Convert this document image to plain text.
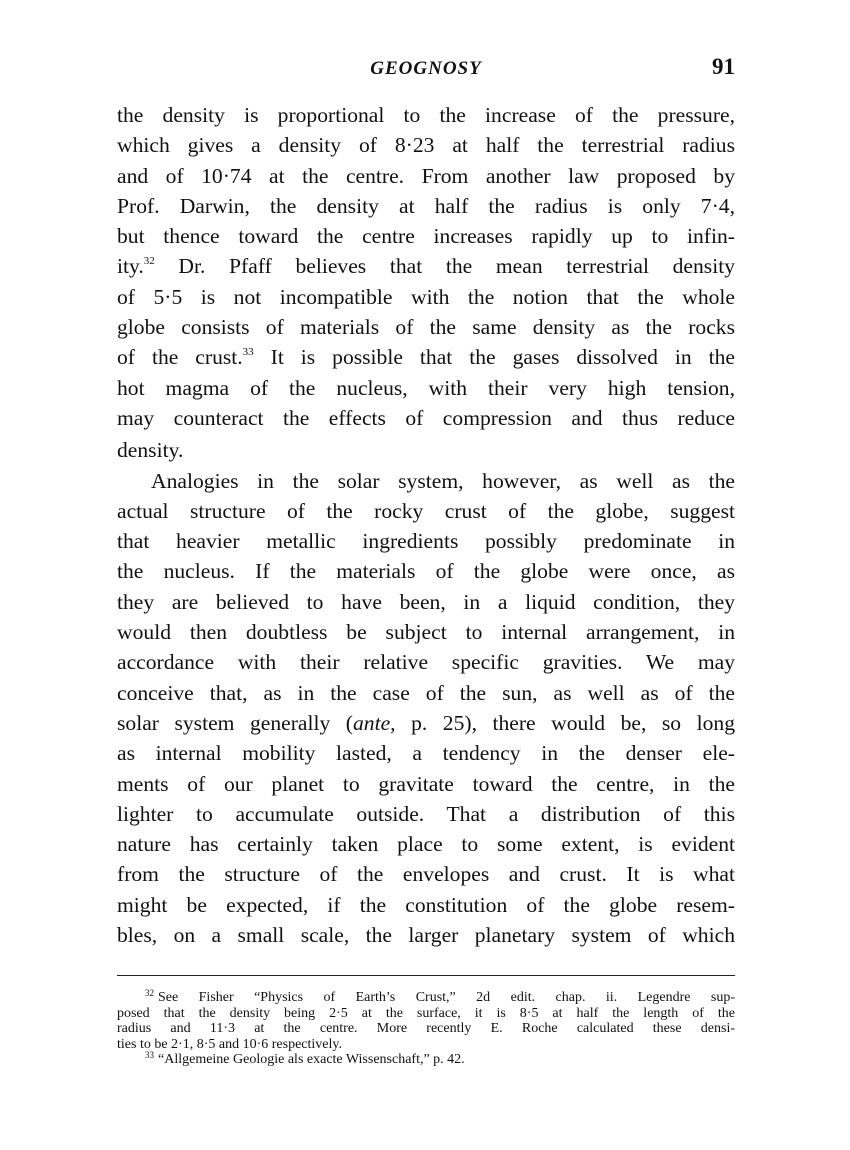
GEOGNOSY	91
the density is proportional to the increase of the pressure,
which gives a density of 8·23 at half the terrestrial radius
and of 10·74 at the centre. From another law proposed by
Prof. Darwin, the density at half the radius is only 7·4,
but thence toward the centre increases rapidly up to infin-
ity.$^{32}$ Dr. Pfaff believes that the mean terrestrial density
of 5·5 is not incompatible with the notion that the whole
globe consists of materials of the same density as the rocks
of the crust.$^{33}$ It is possible that the gases dissolved in the
hot magma of the nucleus, with their very high tension,
may counteract the effects of compression and thus reduce
density.
Analogies in the solar system, however, as well as the
actual structure of the rocky crust of the globe, suggest
that heavier metallic ingredients possibly predominate in
the nucleus. If the materials of the globe were once, as
they are believed to have been, in a liquid condition, they
would then doubtless be subject to internal arrangement, in
accordance with their relative specific gravities. We may
conceive that, as in the case of the sun, as well as of the
solar system generally (ante, p. 25), there would be, so long
as internal mobility lasted, a tendency in the denser ele-
ments of our planet to gravitate toward the centre, in the
lighter to accumulate outside. That a distribution of this
nature has certainly taken place to some extent, is evident
from the structure of the envelopes and crust. It is what
might be expected, if the constitution of the globe resem-
bles, on a small scale, the larger planetary system of which
$^{32}$ See Fisher “Physics of Earth’s Crust,” 2d edit. chap. ii. Legendre sup-
posed that the density being 2·5 at the surface, it is 8·5 at half the length of the
radius and 11·3 at the centre. More recently E. Roche calculated these densi-
ties to be 2·1, 8·5 and 10·6 respectively.
$^{33}$ “Allgemeine Geologie als exacte Wissenschaft,” p. 42.
